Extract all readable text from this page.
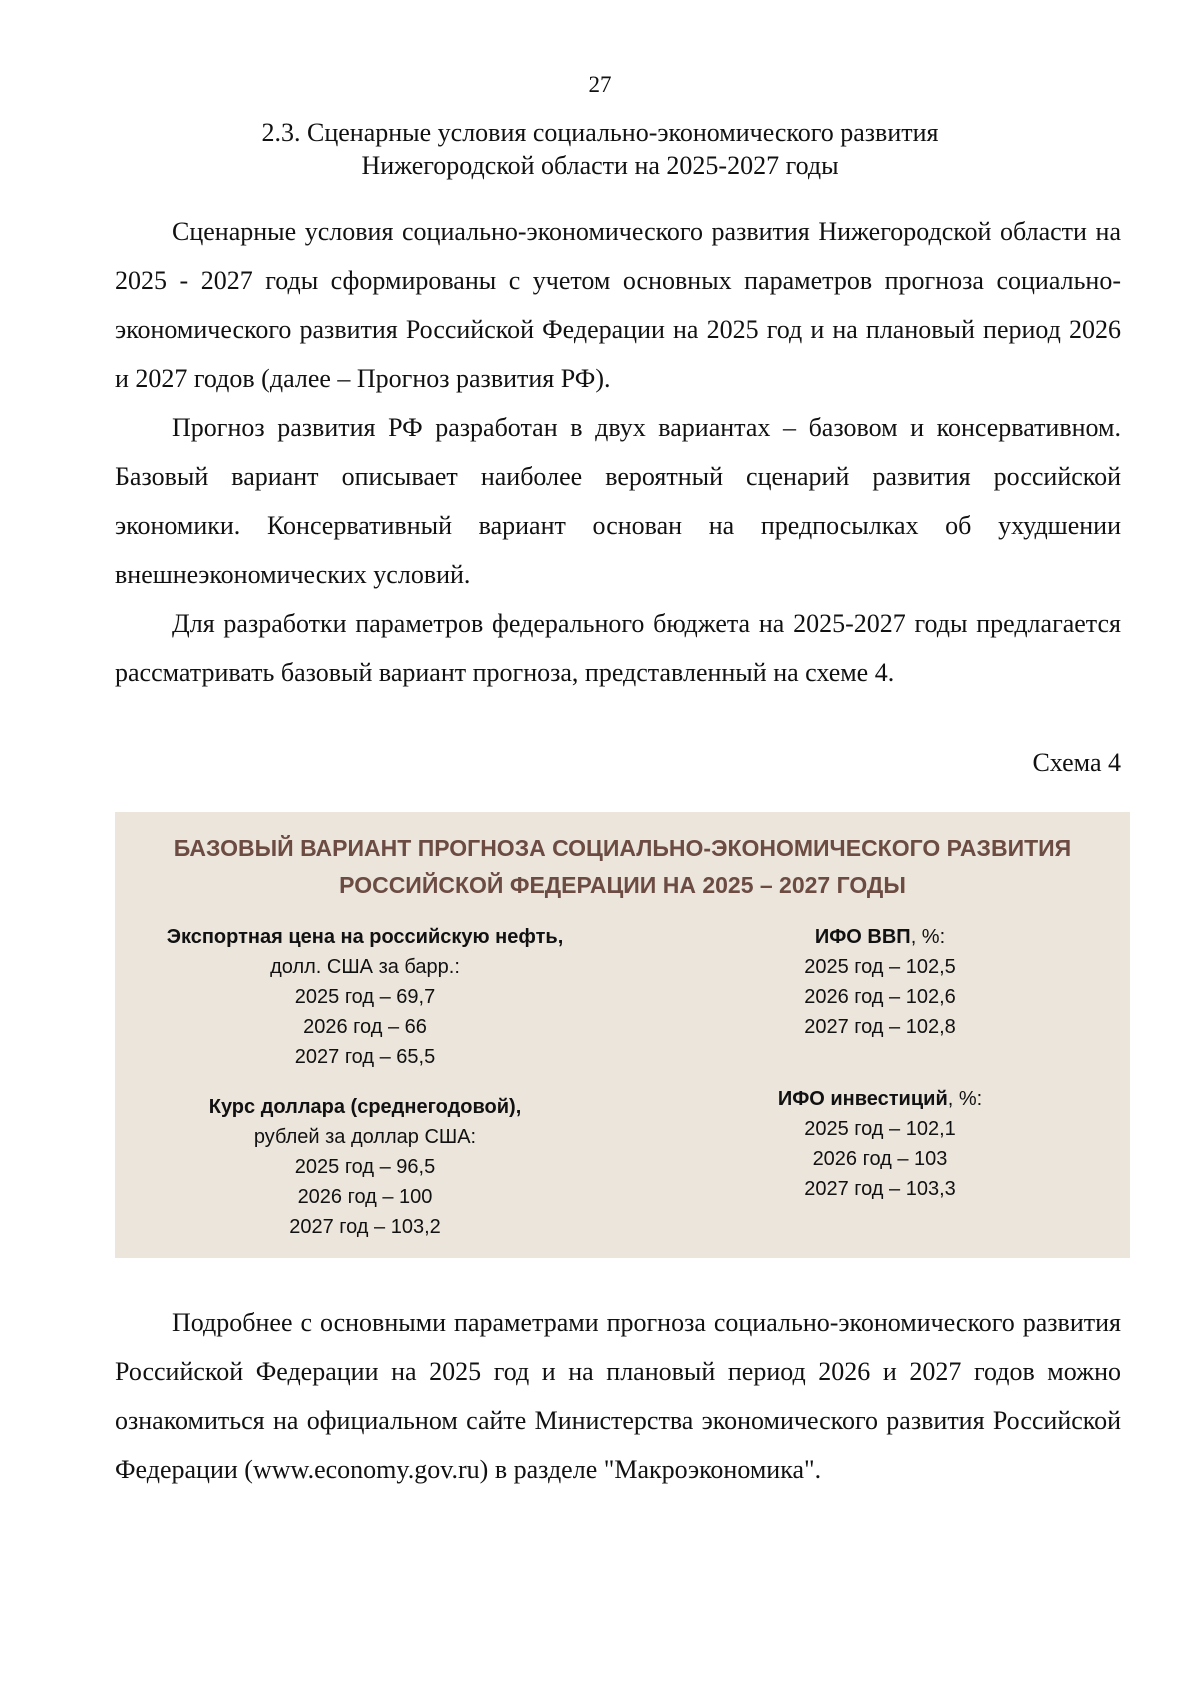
27
2.3. Сценарные условия социально-экономического развития
Нижегородской области на 2025-2027 годы

Сценарные условия социально-экономического развития Нижегородской области на 2025 - 2027 годы сформированы с учетом основных параметров прогноза социально-экономического развития Российской Федерации на 2025 год и на плановый период 2026 и 2027 годов (далее – Прогноз развития РФ).

Прогноз развития РФ разработан в двух вариантах – базовом и консервативном. Базовый вариант описывает наиболее вероятный сценарий развития российской экономики. Консервативный вариант основан на предпосылках об ухудшении внешнеэкономических условий.

Для разработки параметров федерального бюджета на 2025-2027 годы предлагается рассматривать базовый вариант прогноза, представленный на схеме 4.

Схема 4
БАЗОВЫЙ ВАРИАНТ ПРОГНОЗА СОЦИАЛЬНО-ЭКОНОМИЧЕСКОГО РАЗВИТИЯ
РОССИЙСКОЙ ФЕДЕРАЦИИ НА 2025 – 2027 ГОДЫ
Экспортная цена на российскую нефть,
долл. США за барр.:
2025 год – 69,7
2026 год – 66
2027 год – 65,5
Курс доллара (среднегодовой),
рублей за доллар США:
2025 год – 96,5
2026 год – 100
2027 год – 103,2
ИФО ВВП, %:
2025 год – 102,5
2026 год – 102,6
2027 год – 102,8
ИФО инвестиций, %:
2025 год – 102,1
2026 год – 103
2027 год – 103,3

Подробнее с основными параметрами прогноза социально-экономического развития Российской Федерации на 2025 год и на плановый период 2026 и 2027 годов можно ознакомиться на официальном сайте Министерства экономического развития Российской Федерации (www.economy.gov.ru) в разделе "Макроэкономика".
